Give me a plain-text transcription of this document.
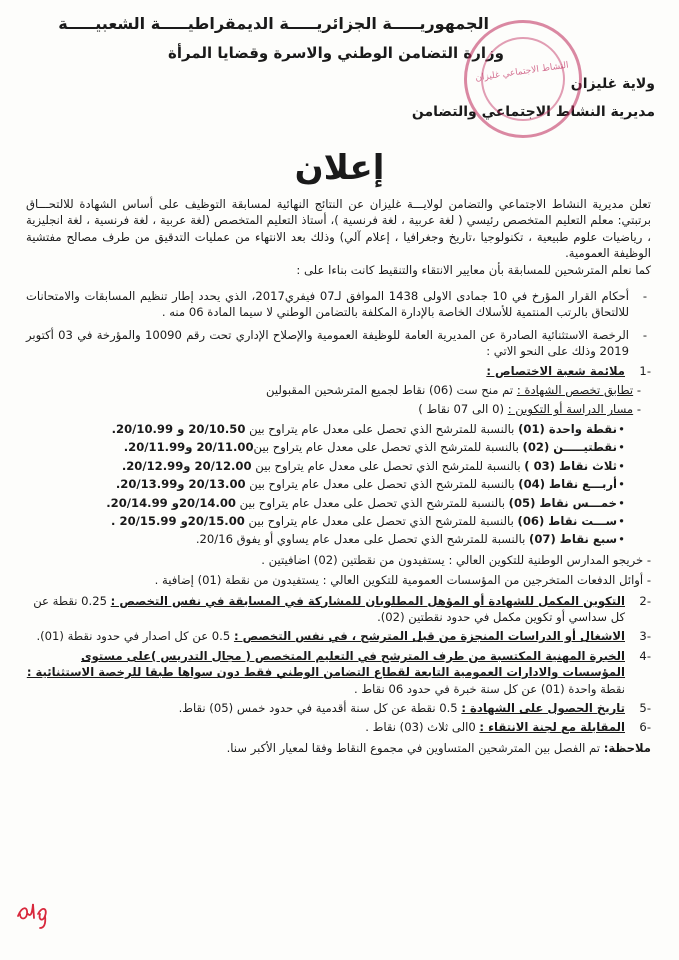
الجمهوريـــــة الجزائريـــــة الديمقراطيـــــة الشعبيـــــة
وزارة التضامن الوطني والاسرة وقضايا المرأة
ولاية غليزان
مديرية النشاط الاجتماعي والتضامن
النشاط الاجتماعي غليزان
إعلان

تعلن مديرية النشاط الاجتماعي والتضامن لولايـــة غليزان عن النتائج النهائية لمسابقة التوظيف على أساس الشهادة للالتحـــاق برتبتي: معلم التعليم المتخصص رئيسي ( لغة عربية ، لغة فرنسية )، أستاذ التعليم المتخصص (لغة عربية ، لغة فرنسية ، لغة انجليزية ، رياضيات علوم طبيعية ، تكنولوجيا ،تاريخ وجغرافيا ، إعلام آلي) وذلك بعد الانتهاء من عمليات التدقيق من طرف مصالح مفتشية الوظيفة العمومية.

كما نعلم المترشحين للمسابقة بأن معايير الانتقاء والتنقيط كانت بناءا على :

-
أحكام القرار المؤرخ في 10 جمادى الاولى 1438 الموافق لـ07 فيفري2017، الذي يحدد إطار تنظيم المسابقات والامتحانات للالتحاق بالرتب المنتمية للأسلاك الخاصة بالإدارة المكلفة بالتضامن الوطني لا سيما المادة 06 منه .

-
الرخصة الاستثنائية الصادرة عن المديرية العامة للوظيفة العمومية والإصلاح الإداري تحت رقم 10090 والمؤرخة في 03 أكتوبر 2019 وذلك على النحو الاتي :

-1
ملائمة شعبة الاختصاص :

- تطابق تخصص الشهادة : تم منح ست (06) نقاط لجميع المترشحين المقبولين

- مسار الدراسة أو التكوين : (0 الى 07 نقاط )

•
نقطة واحدة (01) بالنسبة للمترشح الذي تحصل على معدل عام يتراوح بين 20/10.50 و 20/10.99.

•
نقطتيـــــن (02) بالنسبة للمترشح الذي تحصل على معدل عام يتراوح بين20/11.00 و20/11.99.

•
ثلاث نقاط (03 ) بالنسبة للمترشح الذي تحصل على معدل عام يتراوح بين 20/12.00 و20/12.99.

•
أربـــع نقاط (04) بالنسبة للمترشح الذي تحصل على معدل عام يتراوح بين 20/13.00 و20/13.99.

•
خمـــس نقاط (05) بالنسبة للمترشح الذي تحصل على معدل عام يتراوح بين 20/14.00و 20/14.99.

•
ســـت نقاط (06) بالنسبة للمترشح الذي تحصل على معدل عام يتراوح بين 20/15.00و 20/15.99 .

•
سبع نقاط (07) بالنسبة للمترشح الذي تحصل على معدل عام يساوي أو يفوق 20/16.

- خريجو المدارس الوطنية للتكوين العالي : يستفيدون من نقطتين (02) اضافيتين .

- أوائل الدفعات المتخرجين من المؤسسات العمومية للتكوين العالي : يستفيدون من نقطة (01) إضافية .

-2
التكوين المكمل للشهادة أو المؤهل المطلوبان للمشاركة في المسابقة في نفس التخصص : 0.25 نقطة عن كل سداسي أو تكوين مكمل في حدود نقطتين (02).
-3
الاشغال أو الدراسات المنجزة من قبل المترشح ، في نفس التخصص : 0.5 عن كل اصدار في حدود نقطة (01).
-4
الخبرة المهنية المكتسبة من طرف المترشح في التعليم المتخصص ( مجال التدريس )على مستوى المؤسسات والادارات العمومية التابعة لقطاع التضامن الوطني فقط دون سواها طبقا للرخصة الاستثنائية : نقطة واحدة (01) عن كل سنة خبرة في حدود 06 نقاط .
-5
تاريخ الحصول على الشهادة : 0.5 نقطة عن كل سنة أقدمية في حدود خمس (05) نقاط.
-6
المقابلة مع لجنة الانتقاء : 0الى ثلاث (03) نقاط .

ملاحظة: تم الفصل بين المترشحين المتساوين في مجموع النقاط وفقا لمعيار الأكبر سنا.
